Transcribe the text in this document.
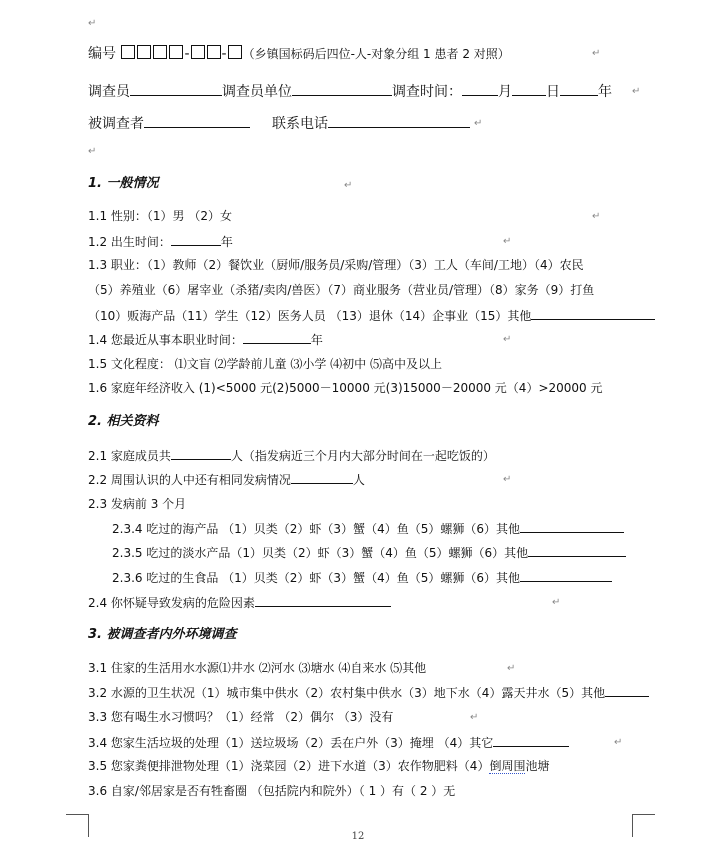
↵
编号	- - （乡镇国标码后四位-人-对象分组 1 患者 2 对照）
调查员	调查员单位	调查时间：	月 日	年
被调查者	联系电话
↵
1. 一般情况
1.1 性别：（1）男 （2）女
1.2 出生时间：	年
1.3 职业：（1）教师（2）餐饮业（厨师/服务员/采购/管理）（3）工人（车间/工地）（4）农民
（5）养殖业（6）屠宰业（杀猪/卖肉/兽医）（7）商业服务（营业员/管理）（8）家务（9）打鱼
（10）贩海产品（11）学生（12）医务人员 （13）退休（14）企事业（15）其他
1.4 您最近从事本职业时间：	年
1.5 文化程度： ⑴文盲 ⑵学龄前儿童 ⑶小学 ⑷初中 ⑸高中及以上
1.6 家庭年经济收入 (1)<5000 元(2)5000－10000 元(3)15000－20000 元（4）>20000 元
2. 相关资料
2.1 家庭成员共	人（指发病近三个月内大部分时间在一起吃饭的）
2.2 周围认识的人中还有相同发病情况	人
2.3 发病前 3 个月
2.3.4 吃过的海产品 （1）贝类（2）虾（3）蟹（4）鱼（5）螺狮（6）其他
2.3.5 吃过的淡水产品（1）贝类（2）虾（3）蟹（4）鱼（5）螺狮（6）其他
2.3.6 吃过的生食品 （1）贝类（2）虾（3）蟹（4）鱼（5）螺狮（6）其他
2.4 你怀疑导致发病的危险因素
3. 被调查者内外环境调查
3.1 住家的生活用水水源⑴井水 ⑵河水 ⑶塘水 ⑷自来水 ⑸其他
3.2 水源的卫生状况（1）城市集中供水（2）农村集中供水（3）地下水（4）露天井水（5）其他
3.3 您有喝生水习惯吗？（1）经常 （2）偶尔 （3）没有
3.4 您家生活垃圾的处理（1）送垃圾场（2）丢在户外（3）掩埋 （4）其它
3.5 您家粪便排泄物处理（1）浇菜园（2）进下水道（3）农作物肥料（4）倒周围池塘
3.6 自家/邻居家是否有牲畜圈 （包括院内和院外）（ 1 ）有（ 2 ）无
↵
↵
↵
↵
↵
↵
↵
↵
↵
↵
↵
↵
12
